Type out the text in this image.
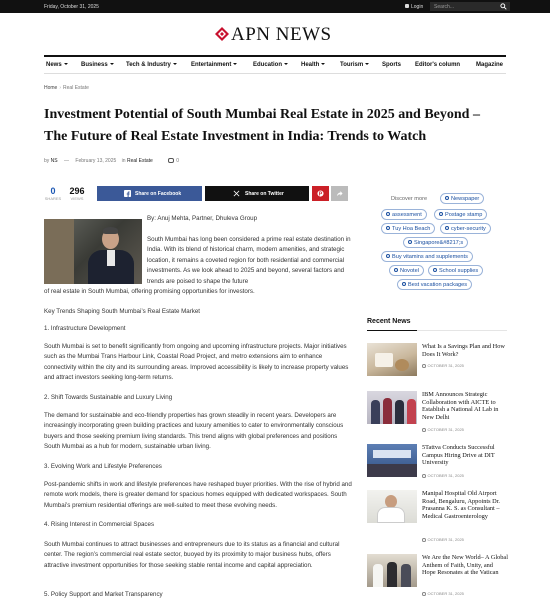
Friday, October 31, 2025	Login	Search...
APN NEWS
News	Business	Tech & Industry	Entertainment	Education	Health	Tourism	Sports Editor's column	Magazine
Home › Real Estate
Investment Potential of South Mumbai Real Estate in 2025 and Beyond – The Future of Real Estate Investment in India: Trends to Watch
by NS — February 13, 2025 in Real Estate	0
0
SHARES
296
VIEWS
Share on Facebook	Share on Twitter	P
By: Anuj Mehta, Partner, Dhuleva Group

South Mumbai has long been considered a prime real estate destination in India. With its blend of historical charm, modern amenities, and strategic location, it remains a coveted region for both residential and commercial investments. As we look ahead to 2025 and beyond, several factors and trends are poised to shape the future

of real estate in South Mumbai, offering promising opportunities for investors.

Key Trends Shaping South Mumbai’s Real Estate Market

1. Infrastructure Development

South Mumbai is set to benefit significantly from ongoing and upcoming infrastructure projects. Major initiatives such as the Mumbai Trans Harbour Link, Coastal Road Project, and metro extensions aim to enhance connectivity within the city and its surrounding areas. Improved accessibility is likely to increase property values and attract investors seeking long-term returns.

2. Shift Towards Sustainable and Luxury Living

The demand for sustainable and eco-friendly properties has grown steadily in recent years. Developers are increasingly incorporating green building practices and luxury amenities to cater to environmentally conscious buyers and those seeking premium living standards. This trend aligns with global preferences and positions South Mumbai as a hub for modern, sustainable urban living.

3. Evolving Work and Lifestyle Preferences

Post-pandemic shifts in work and lifestyle preferences have reshaped buyer priorities. With the rise of hybrid and remote work models, there is greater demand for spacious homes equipped with dedicated workspaces. South Mumbai’s premium residential offerings are well-suited to meet these evolving needs.

4. Rising Interest in Commercial Spaces

South Mumbai continues to attract businesses and entrepreneurs due to its status as a financial and cultural center. The region’s commercial real estate sector, buoyed by its proximity to major business hubs, offers attractive investment opportunities for those seeking stable rental income and capital appreciation.

5. Policy Support and Market Transparency

Discover more	Newspaper
assessment	Postage stamp
Tuy Hoa Beach	cyber-security
Singapore&#8217;s
Buy vitamins and supplements
Novotel	School supplies
Best vacation packages
Recent News
What Is a Savings Plan and How Does It Work?
OCTOBER 31, 2025
IBM Announces Strategic Collaboration with AICTE to Establish a National AI Lab in New Delhi
OCTOBER 31, 2025
5Tattva Conducts Successful Campus Hiring Drive at DIT University
OCTOBER 31, 2025
Manipal Hospital Old Airport Road, Bengaluru, Appoints Dr. Prasanna K. S. as Consultant – Medical Gastroenterology
OCTOBER 31, 2025
We Are the New World– A Global Anthem of Faith, Unity, and Hope Resonates at the Vatican
OCTOBER 31, 2025
